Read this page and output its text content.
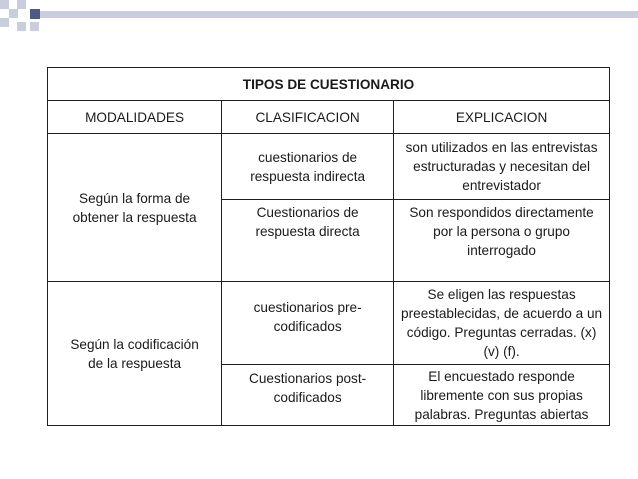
TIPOS DE CUESTIONARIO		
MODALIDADES	CLASIFICACION	EXPLICACION
Según la forma de obtener la respuesta	cuestionarios de respuesta indirecta	son utilizados en las entrevistas estructuradas y necesitan del entrevistador
	Cuestionarios de respuesta directa	Son respondidos directamente por la persona o grupo interrogado
Según la codificación de la respuesta	cuestionarios pre-codificados	Se eligen las respuestas preestablecidas, de acuerdo a un código. Preguntas cerradas. (x) (v) (f).
	Cuestionarios post-codificados	El encuestado responde libremente con sus propias palabras. Preguntas abiertas
